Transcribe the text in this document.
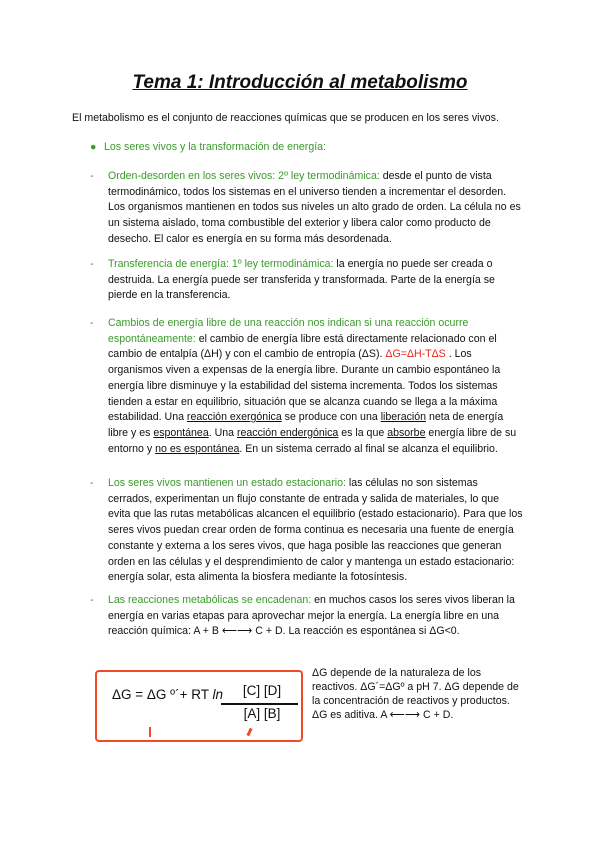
Tema 1: Introducción al metabolismo
El metabolismo es el conjunto de reacciones químicas que se producen en los seres vivos.
● Los seres vivos y la transformación de energía:
- Orden-desorden en los seres vivos: 2º ley termodinámica: desde el punto de vista termodinámico, todos los sistemas en el universo tienden a incrementar el desorden. Los organismos mantienen en todos sus niveles un alto grado de orden. La célula no es un sistema aislado, toma combustible del exterior y libera calor como producto de desecho. El calor es energía en su forma más desordenada.
- Transferencia de energía: 1º ley termodinámica: la energía no puede ser creada o destruida. La energía puede ser transferida y transformada. Parte de la energía se pierde en la transferencia.
- Cambios de energía libre de una reacción nos indican si una reacción ocurre espontáneamente: el cambio de energía libre está directamente relacionado con el cambio de entalpía (ΔH) y con el cambio de entropía (ΔS). ΔG=ΔH-TΔS . Los organismos viven a expensas de la energía libre. Durante un cambio espontáneo la energía libre disminuye y la estabilidad del sistema incrementa. Todos los sistemas tienden a estar en equilibrio, situación que se alcanza cuando se llega a la máxima estabilidad. Una reacción exergónica se produce con una liberación neta de energía libre y es espontánea. Una reacción endergónica es la que absorbe energía libre de su entorno y no es espontánea. En un sistema cerrado al final se alcanza el equilibrio.
- Los seres vivos mantienen un estado estacionario: las células no son sistemas cerrados, experimentan un flujo constante de entrada y salida de materiales, lo que evita que las rutas metabólicas alcancen el equilibrio (estado estacionario). Para que los seres vivos puedan crear orden de forma continua es necesaria una fuente de energía constante y externa a los seres vivos, que haga posible las reacciones que generan orden en las células y el desprendimiento de calor y mantenga un estado estacionario: energía solar, esta alimenta la biosfera mediante la fotosíntesis.
- Las reacciones metabólicas se encadenan: en muchos casos los seres vivos liberan la energía en varias etapas para aprovechar mejor la energía. La energía libre en una reacción química: A + B ⟵⟶ C + D. La reacción es espontánea si ΔG<0.
ΔG = ΔG º´+ RT ln	[C] [D]
[A] [B]
ΔG depende de la naturaleza de los reactivos. ΔG´=ΔGº a pH 7. ΔG depende de la concentración de reactivos y productos.
ΔG es aditiva. A ⟵⟶ C + D.
